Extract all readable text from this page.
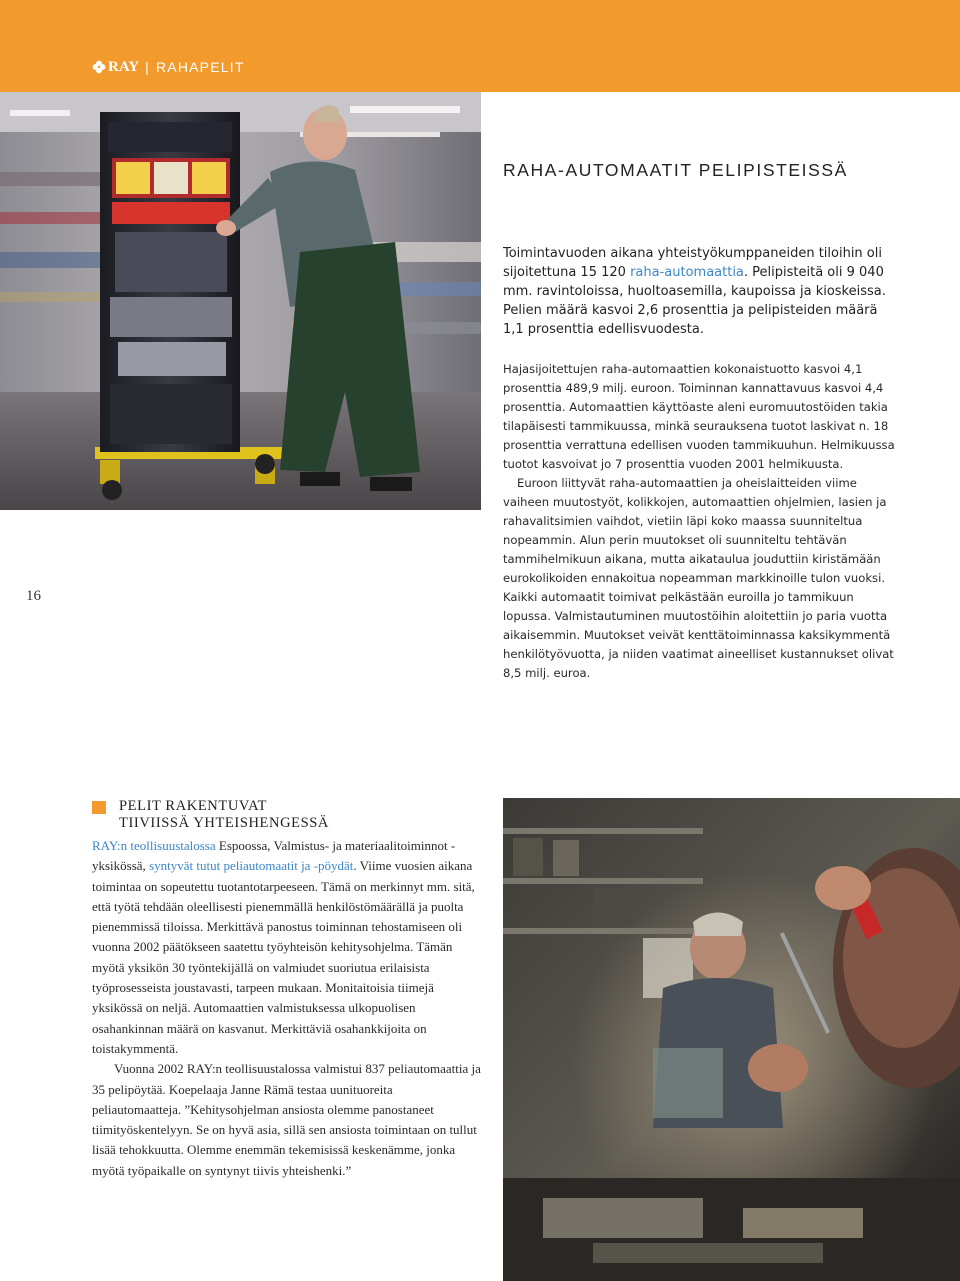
RAY | RAHAPELIT
16
RAHA-AUTOMAATIT PELIPISTEISSÄ

Toimintavuoden aikana yhteistyökumppaneiden tiloihin oli sijoitettuna 15 120 raha-automaattia. Pelipisteitä oli 9 040 mm. ravintoloissa, huoltoasemilla, kaupoissa ja kioskeissa. Pelien määrä kasvoi 2,6 prosenttia ja pelipisteiden määrä 1,1 prosenttia edellisvuodesta.

Hajasijoitettujen raha-automaattien kokonaistuotto kasvoi 4,1 prosenttia 489,9 milj. euroon. Toiminnan kannattavuus kasvoi 4,4 prosenttia. Automaattien käyttöaste aleni euromuutostöiden takia tilapäisesti tammikuussa, minkä seurauksena tuotot laskivat n. 18 prosenttia verrattuna edellisen vuoden tammikuuhun. Helmikuussa tuotot kasvoivat jo 7 prosenttia vuoden 2001 helmikuusta.

Euroon liittyvät raha-automaattien ja oheislaitteiden viime vaiheen muutostyöt, kolikkojen, automaattien ohjelmien, lasien ja rahavalitsimien vaihdot, vietiin läpi koko maassa suunniteltua nopeammin. Alun perin muutokset oli suunniteltu tehtävän tammihelmikuun aikana, mutta aikataulua jouduttiin kiristämään eurokolikoiden ennakoitua nopeamman markkinoille tulon vuoksi. Kaikki automaatit toimivat pelkästään euroilla jo tammikuun lopussa. Valmistautuminen muutostöihin aloitettiin jo paria vuotta aikaisemmin. Muutokset veivät kenttätoiminnassa kaksikymmentä henkilötyövuotta, ja niiden vaatimat aineelliset kustannukset olivat 8,5 milj. euroa.

PELIT RAKENTUVAT
TIIVIISSÄ YHTEISHENGESSÄ

RAY:n teollisuustalossa Espoossa, Valmistus- ja materiaalitoiminnot -yksikössä, syntyvät tutut peliautomaatit ja -pöydät. Viime vuosien aikana toimintaa on sopeutettu tuotantotarpeeseen. Tämä on merkinnyt mm. sitä, että työtä tehdään oleellisesti pienemmällä henkilöstömäärällä ja puolta pienemmissä tiloissa. Merkittävä panostus toiminnan tehostamiseen oli vuonna 2002 päätökseen saatettu työyhteisön kehitysohjelma. Tämän myötä yksikön 30 työntekijällä on valmiudet suoriutua erilaisista työprosesseista joustavasti, tarpeen mukaan. Monitaitoisia tiimejä yksikössä on neljä. Automaattien valmistuksessa ulkopuolisen osahankinnan määrä on kasvanut. Merkittäviä osahankkijoita on toistakymmentä.

Vuonna 2002 RAY:n teollisuustalossa valmistui 837 peliautomaattia ja 35 pelipöytää. Koepelaaja Janne Rämä testaa uunituoreita peliautomaatteja. ”Kehitysohjelman ansiosta olemme panostaneet tiimityöskentelyyn. Se on hyvä asia, sillä sen ansiosta toimintaan on tullut lisää tehokkuutta. Olemme enemmän tekemisissä keskenämme, jonka myötä työpaikalle on syntynyt tiivis yhteishenki.”
